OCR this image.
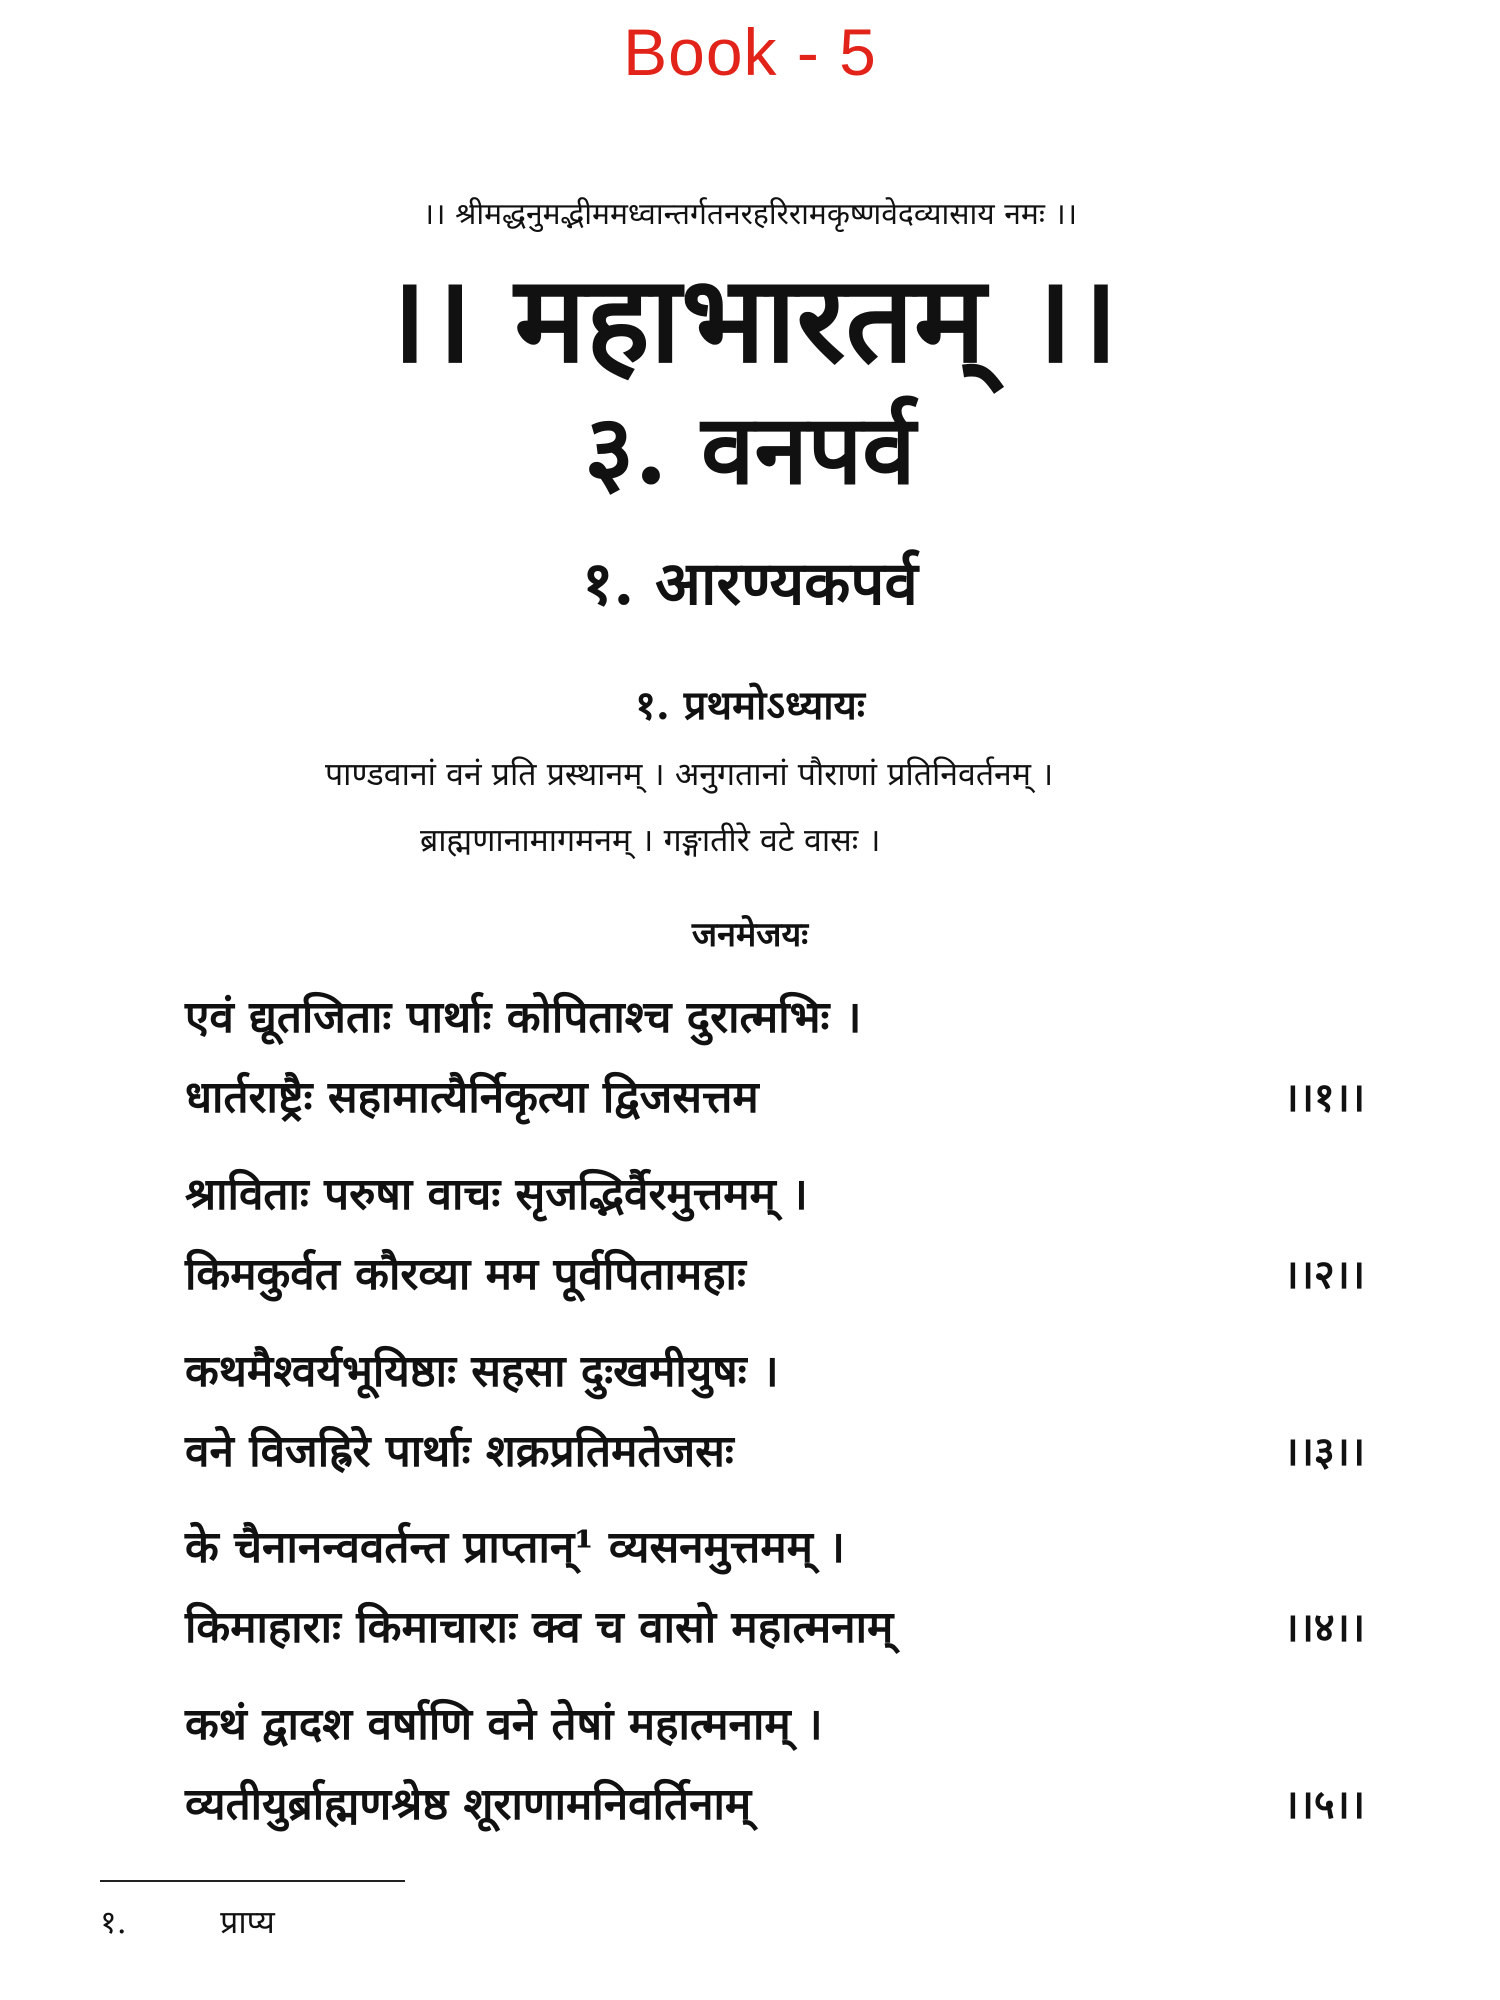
Book - 5
।। श्रीमद्धनुमद्भीममध्वान्तर्गतनरहरिरामकृष्णवेदव्यासाय नमः ।।
।। महाभारतम् ।।
३. वनपर्व
१. आरण्यकपर्व
१. प्रथमोऽध्यायः
पाण्डवानां वनं प्रति प्रस्थानम् । अनुगतानां पौराणां प्रतिनिवर्तनम् ।
ब्राह्मणानामागमनम् । गङ्गातीरे वटे वासः ।
जनमेजयः
एवं द्यूतजिताः पार्थाः कोपिताश्च दुरात्मभिः ।
धार्तराष्ट्रैः सहामात्यैर्निकृत्या द्विजसत्तम	।।१।।
श्राविताः परुषा वाचः सृजद्भिर्वैरमुत्तमम् ।
किमकुर्वत कौरव्या मम पूर्वपितामहाः	।।२।।
कथमैश्वर्यभूयिष्ठाः सहसा दुःखमीयुषः ।
वने विजह्रिरे पार्थाः शक्रप्रतिमतेजसः	।।३।।
के चैनानन्ववर्तन्त प्राप्तान्¹ व्यसनमुत्तमम् ।
किमाहाराः किमाचाराः क्व च वासो महात्मनाम्	।।४।।
कथं द्वादश वर्षाणि वने तेषां महात्मनाम् ।
व्यतीयुर्ब्राह्मणश्रेष्ठ शूराणामनिवर्तिनाम्	।।५।।
१.	प्राप्य
